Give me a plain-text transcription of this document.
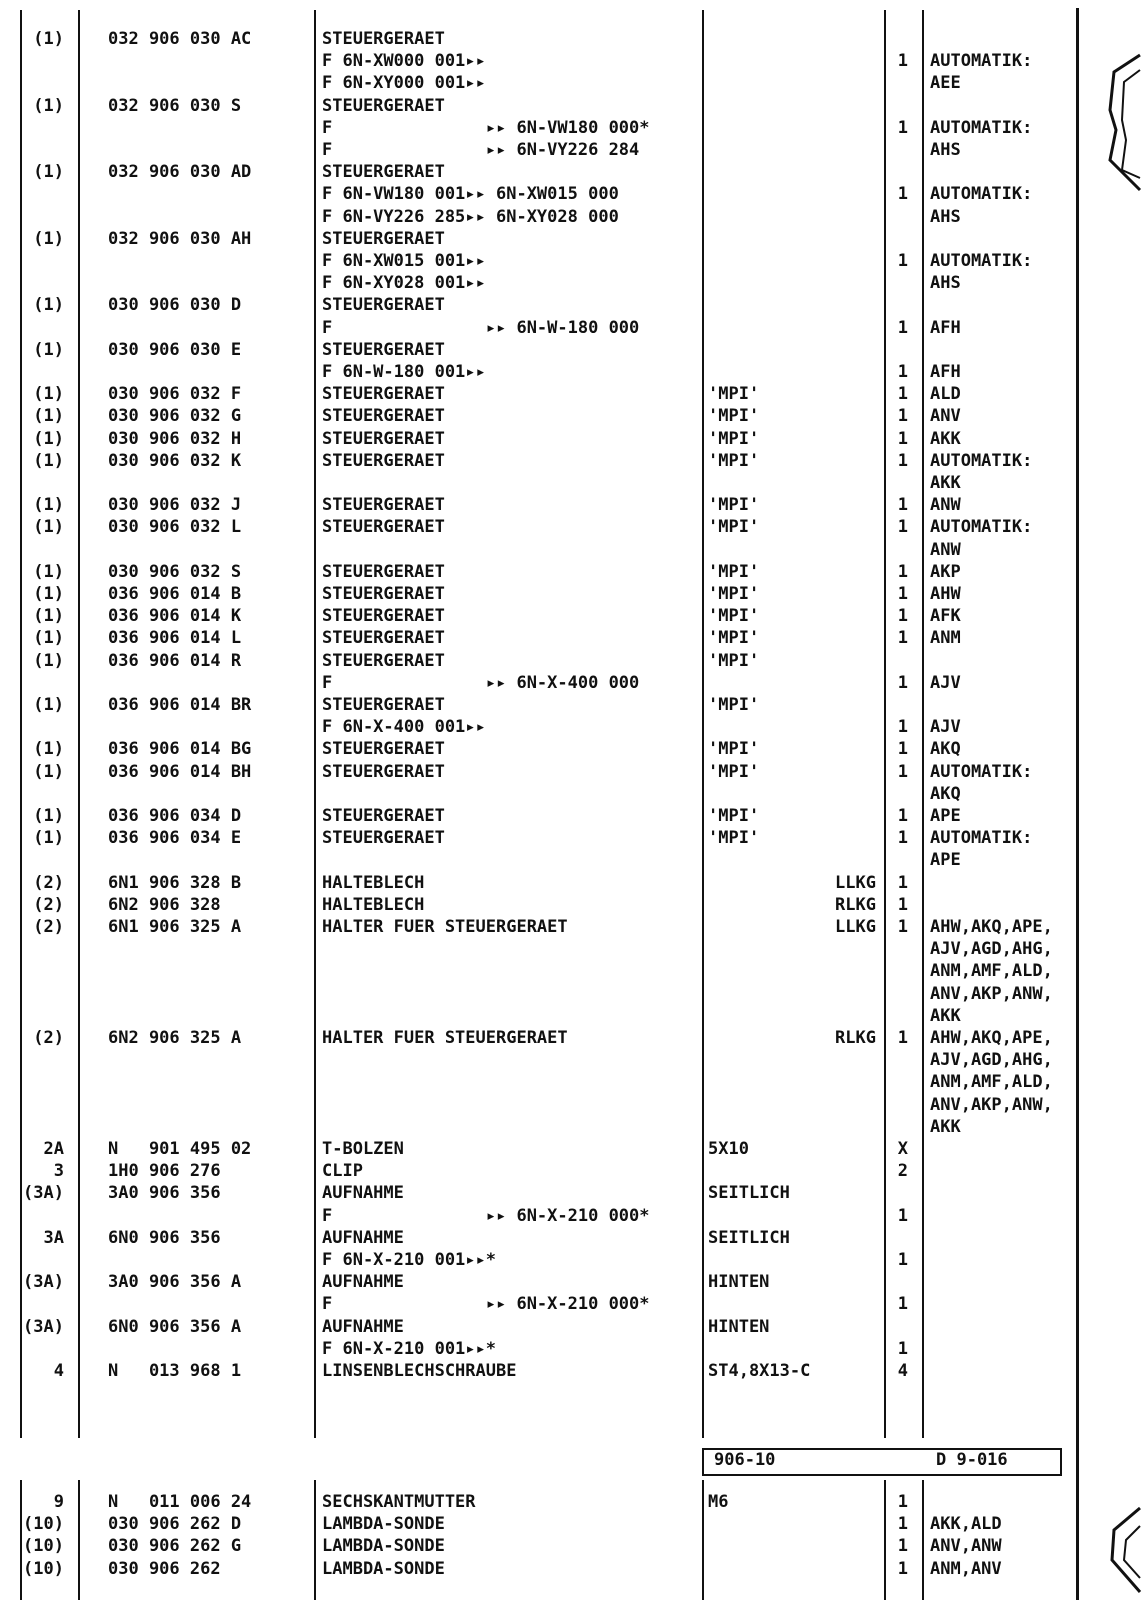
(1)	032 906 030 AC	STEUERGERAET
F 6N-XW000 001▸▸	1 AUTOMATIK:
F 6N-XY000 001▸▸	AEE
(1)	032 906 030 S	STEUERGERAET
F               ▸▸ 6N-VW180 000*	1 AUTOMATIK:
F               ▸▸ 6N-VY226 284	AHS
(1)	032 906 030 AD	STEUERGERAET
F 6N-VW180 001▸▸ 6N-XW015 000	1 AUTOMATIK:
F 6N-VY226 285▸▸ 6N-XY028 000	AHS
(1)	032 906 030 AH	STEUERGERAET
F 6N-XW015 001▸▸	1 AUTOMATIK:
F 6N-XY028 001▸▸	AHS
(1)	030 906 030 D	STEUERGERAET
F               ▸▸ 6N-W-180 000	1 AFH
(1)	030 906 030 E	STEUERGERAET
F 6N-W-180 001▸▸	1 AFH
(1)	030 906 032 F	STEUERGERAET	'MPI'	1 ALD
(1)	030 906 032 G	STEUERGERAET	'MPI'	1 ANV
(1)	030 906 032 H	STEUERGERAET	'MPI'	1 AKK
(1)	030 906 032 K	STEUERGERAET	'MPI'	1 AUTOMATIK:
AKK
(1)	030 906 032 J	STEUERGERAET	'MPI'	1 ANW
(1)	030 906 032 L	STEUERGERAET	'MPI'	1 AUTOMATIK:
ANW
(1)	030 906 032 S	STEUERGERAET	'MPI'	1 AKP
(1)	036 906 014 B	STEUERGERAET	'MPI'	1 AHW
(1)	036 906 014 K	STEUERGERAET	'MPI'	1 AFK
(1)	036 906 014 L	STEUERGERAET	'MPI'	1 ANM
(1)	036 906 014 R	STEUERGERAET	'MPI'
F               ▸▸ 6N-X-400 000	1 AJV
(1)	036 906 014 BR	STEUERGERAET	'MPI'
F 6N-X-400 001▸▸	1 AJV
(1)	036 906 014 BG	STEUERGERAET	'MPI'	1 AKQ
(1)	036 906 014 BH	STEUERGERAET	'MPI'	1 AUTOMATIK:
AKQ
(1)	036 906 034 D	STEUERGERAET	'MPI'	1 APE
(1)	036 906 034 E	STEUERGERAET	'MPI'	1 AUTOMATIK:
APE
(2)	6N1 906 328 B	HALTEBLECH	LLKG	1
(2)	6N2 906 328	HALTEBLECH	RLKG	1
(2)	6N1 906 325 A	HALTER FUER STEUERGERAET	LLKG	1 AHW,AKQ,APE,
AJV,AGD,AHG,
ANM,AMF,ALD,
ANV,AKP,ANW,
AKK
(2)	6N2 906 325 A	HALTER FUER STEUERGERAET	RLKG	1 AHW,AKQ,APE,
AJV,AGD,AHG,
ANM,AMF,ALD,
ANV,AKP,ANW,
AKK
2A	N   901 495 02	T-BOLZEN	5X10	X
3	1H0 906 276	CLIP	2
(3A)	3A0 906 356	AUFNAHME	SEITLICH
F               ▸▸ 6N-X-210 000*	1
3A	6N0 906 356	AUFNAHME	SEITLICH
F 6N-X-210 001▸▸*	1
(3A)	3A0 906 356 A	AUFNAHME	HINTEN
F               ▸▸ 6N-X-210 000*	1
(3A)	6N0 906 356 A	AUFNAHME	HINTEN
F 6N-X-210 001▸▸*	1
4	N   013 968 1	LINSENBLECHSCHRAUBE	ST4,8X13-C	4
906-10	D 9-016
9	N   011 006 24	SECHSKANTMUTTER	M6	1
(10)	030 906 262 D	LAMBDA-SONDE	1 AKK,ALD
(10)	030 906 262 G	LAMBDA-SONDE	1 ANV,ANW
(10)	030 906 262	LAMBDA-SONDE	1 ANM,ANV
